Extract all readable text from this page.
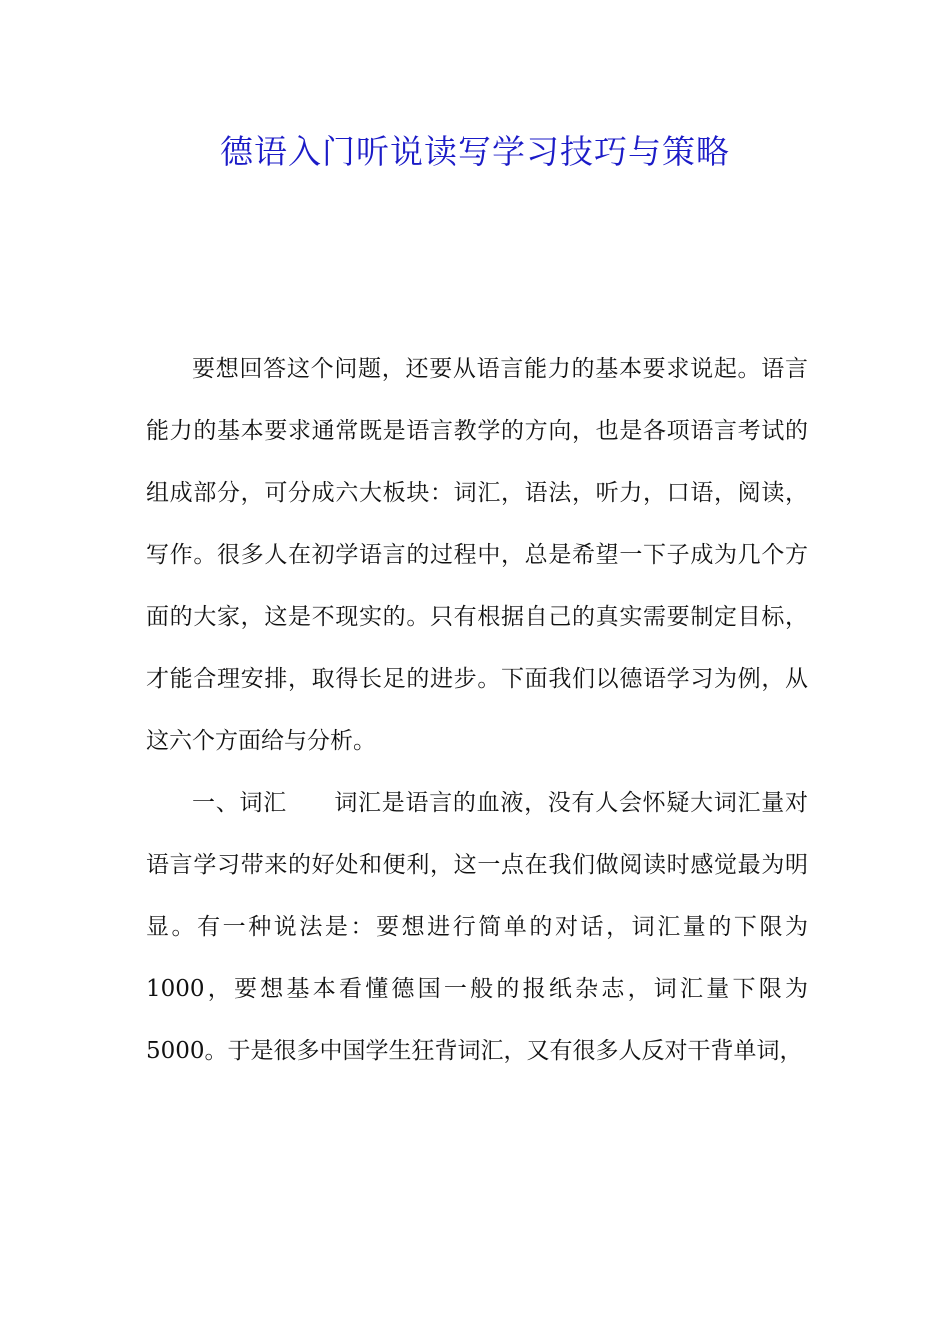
德语入门听说读写学习技巧与策略

要想回答这个问题，还要从语言能力的基本要求说起。语言能力的基本要求通常既是语言教学的方向，也是各项语言考试的组成部分，可分成六大板块：词汇，语法，听力，口语，阅读，写作。很多人在初学语言的过程中，总是希望一下子成为几个方面的大家，这是不现实的。只有根据自己的真实需要制定目标，才能合理安排，取得长足的进步。下面我们以德语学习为例，从这六个方面给与分析。

一、词汇　　词汇是语言的血液，没有人会怀疑大词汇量对语言学习带来的好处和便利，这一点在我们做阅读时感觉最为明显。有一种说法是：要想进行简单的对话，词汇量的下限为1000，要想基本看懂德国一般的报纸杂志，词汇量下限为5000。于是很多中国学生狂背词汇，又有很多人反对干背单词，
